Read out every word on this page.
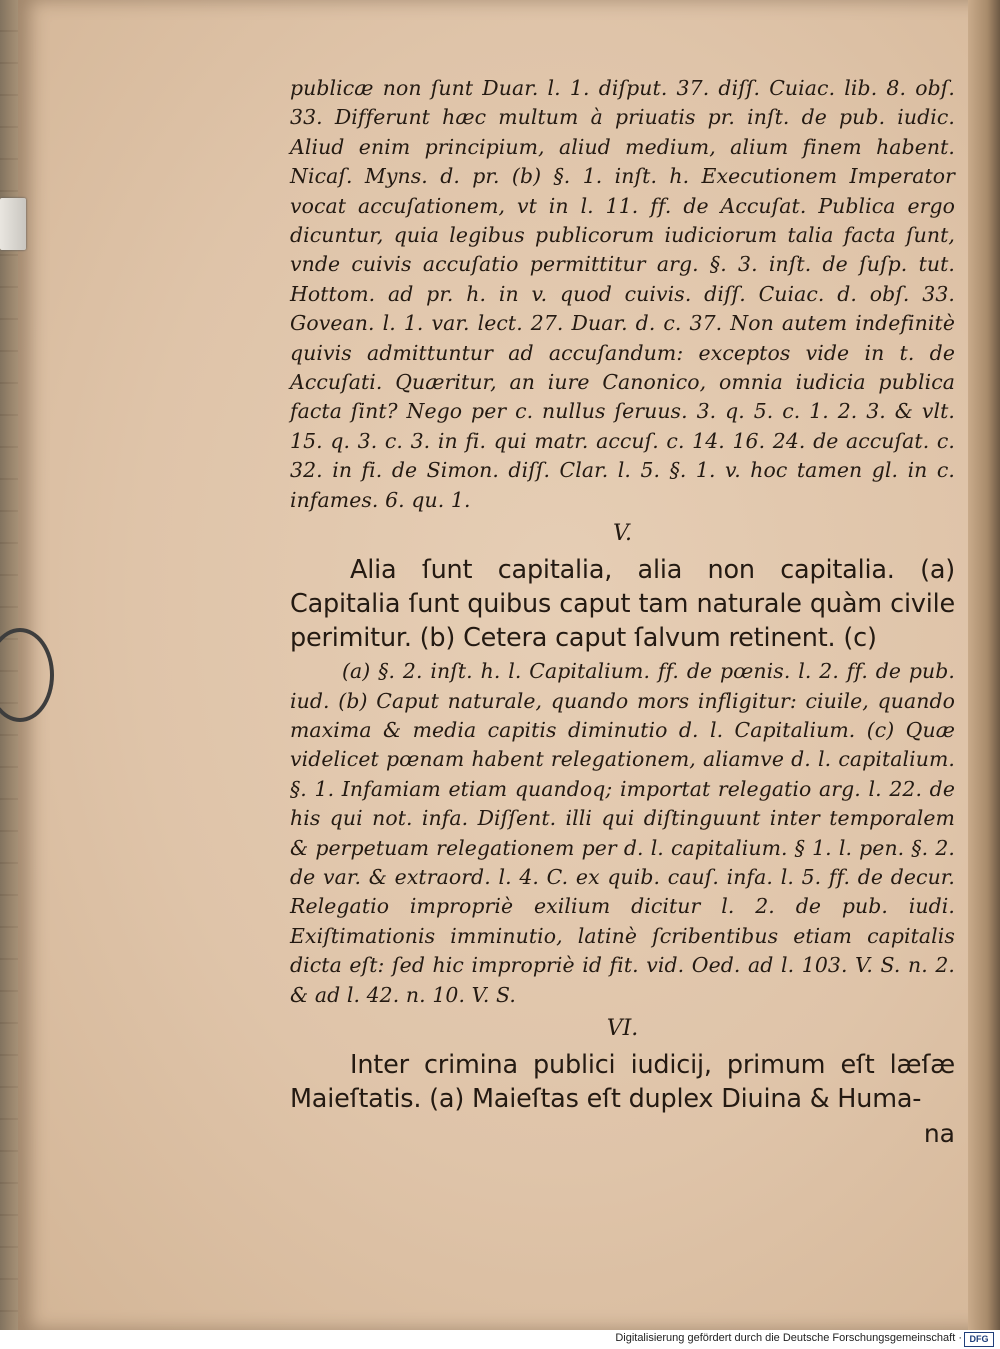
publicæ non ſunt Duar. l. 1. diſput. 37. diſſ. Cuiac. lib. 8. obſ. 33. Differunt hæc multum à priuatis pr. inſt. de pub. iudic. Aliud enim principium, aliud medium, alium finem habent. Nicaſ. Myns. d. pr. (b) §. 1. inſt. h. Executionem Imperator vocat accuſationem, vt in l. 11. ff. de Accuſat. Publica ergo dicuntur, quia legibus publicorum iudiciorum talia facta ſunt, vnde cuivis accuſatio permittitur arg. §. 3. inſt. de ſuſp. tut. Hottom. ad pr. h. in v. quod cuivis. diſſ. Cuiac. d. obſ. 33. Govean. l. 1. var. lect. 27. Duar. d. c. 37. Non autem indefinitè quivis admittuntur ad accuſandum: exceptos vide in t. de Accuſati. Quæritur, an iure Canonico, omnia iudicia publica facta ſint? Nego per c. nullus ſeruus. 3. q. 5. c. 1. 2. 3. & vlt. 15. q. 3. c. 3. in fi. qui matr. accuſ. c. 14. 16. 24. de accuſat. c. 32. in fi. de Simon. diſſ. Clar. l. 5. §. 1. v. hoc tamen gl. in c. infames. 6. qu. 1.

V.

Alia ſunt capitalia, alia non capitalia. (a) Capitalia ſunt quibus caput tam naturale quàm civile perimitur. (b) Cetera caput ſalvum retinent. (c)

(a) §. 2. inſt. h. l. Capitalium. ff. de pœnis. l. 2. ff. de pub. iud. (b) Caput naturale, quando mors infligitur: ciuile, quando maxima & media capitis diminutio d. l. Capitalium. (c) Quæ videlicet pœnam habent relegationem, aliamve d. l. capitalium. §. 1. Infamiam etiam quandoq; importat relegatio arg. l. 22. de his qui not. infa. Diſſent. illi qui diſtinguunt inter temporalem & perpetuam relegationem per d. l. capitalium. § 1. l. pen. §. 2. de var. & extraord. l. 4. C. ex quib. cauſ. infa. l. 5. ff. de decur. Relegatio impropriè exilium dicitur l. 2. de pub. iudi. Exiſtimationis imminutio, latinè ſcribentibus etiam capitalis dicta eſt: ſed hic impropriè id fit. vid. Oed. ad l. 103. V. S. n. 2. & ad l. 42. n. 10. V. S.

VI.

Inter crimina publici iudicij, primum eſt læſæ Maieſtatis. (a) Maieſtas eſt duplex Diuina & Huma-

na

Digitalisierung gefördert durch die Deutsche Forschungsgemeinschaft · DFG
